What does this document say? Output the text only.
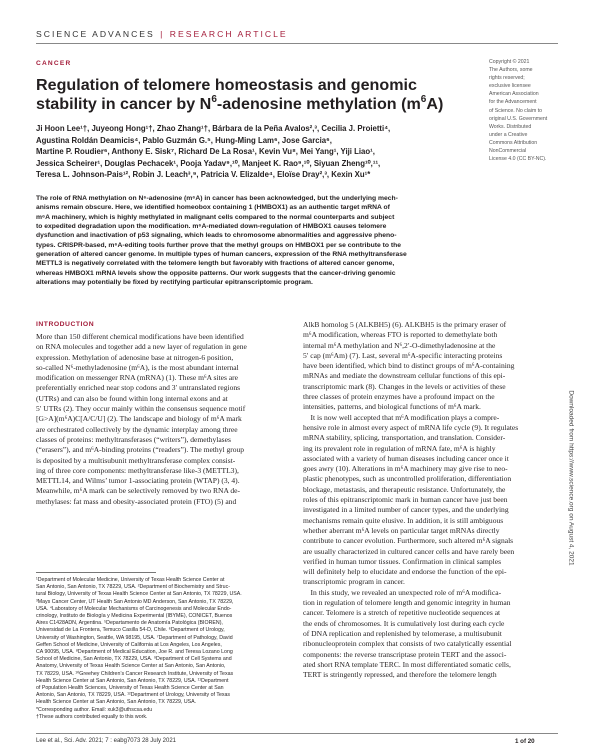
SCIENCE ADVANCES | RESEARCH ARTICLE
CANCER
Regulation of telomere homeostasis and genomic
stability in cancer by $N^6$-adenosine methylation $(m^6A)$
Ji Hoon Lee¹†, Juyeong Hong¹†, Zhao Zhang¹†, Bárbara de la Peña Avalos²,³, Cecilia J. Proietti⁴,
Agustina Roldán Deamicis⁴, Pablo Guzmán G.⁵, Hung-Ming Lam⁶, Jose Garcia⁶,
Martine P. Roudier⁶, Anthony E. Sisk⁷, Richard De La Rosa¹, Kevin Vu⁸, Mei Yang¹, Yiji Liao¹,
Jessica Scheirer¹, Douglas Pechacek¹, Pooja Yadav⁹,¹⁰, Manjeet K. Rao⁹,¹⁰, Siyuan Zheng¹⁰,¹¹,
Teresa L. Johnson-Pais¹², Robin J. Leach³,⁹, Patricia V. Elizalde⁴, Eloïse Dray²,³, Kexin Xu¹*
Copyright © 2021
The Authors, some
rights reserved;
exclusive licensee
American Association
for the Advancement
of Science. No claim to
original U.S. Government
Works. Distributed
under a Creative
Commons Attribution
NonCommercial
License 4.0 (CC BY-NC).
The role of RNA methylation on N⁶-adenosine (m⁶A) in cancer has been acknowledged, but the underlying mech-
anisms remain obscure. Here, we identified homeobox containing 1 (HMBOX1) as an authentic target mRNA of
m⁶A machinery, which is highly methylated in malignant cells compared to the normal counterparts and subject
to expedited degradation upon the modification. m⁶A-mediated down-regulation of HMBOX1 causes telomere
dysfunction and inactivation of p53 signaling, which leads to chromosome abnormalities and aggressive pheno-
types. CRISPR-based, m⁶A-editing tools further prove that the methyl groups on HMBOX1 per se contribute to the
generation of altered cancer genome. In multiple types of human cancers, expression of the RNA methyltransferase
METTL3 is negatively correlated with the telomere length but favorably with fractions of altered cancer genome,
whereas HMBOX1 mRNA levels show the opposite patterns. Our work suggests that the cancer-driving genomic
alterations may potentially be fixed by rectifying particular epitranscriptomic program.
Downloaded from https://www.science.org on August 4, 2021
INTRODUCTION
More than 150 different chemical modifications have been identified
on RNA molecules and together add a new layer of regulation in gene
expression. Methylation of adenosine base at nitrogen-6 position,
so-called N⁶-methyladenosine (m⁶A), is the most abundant internal
modification on messenger RNA (mRNA) (1). These m⁶A sites are
preferentially enriched near stop codons and 3′ untranslated regions
(UTRs) and can also be found within long internal exons and at
5′ UTRs (2). They occur mainly within the consensus sequence motif
[G>A](m⁶A)C[A/C/U] (2). The landscape and biology of m⁶A mark
are orchestrated collectively by the dynamic interplay among three
classes of proteins: methyltransferases (“writers”), demethylases
(“erasers”), and m⁶A-binding proteins (“readers”). The methyl group
is deposited by a multisubunit methyltransferase complex consist-
ing of three core components: methyltransferase like-3 (METTL3),
METTL14, and Wilms’ tumor 1-associating protein (WTAP) (3, 4).
Meanwhile, m⁶A mark can be selectively removed by two RNA de-
methylases: fat mass and obesity-associated protein (FTO) (5) and
AlkB homolog 5 (ALKBH5) (6). ALKBH5 is the primary eraser of
m⁶A modification, whereas FTO is reported to demethylate both
internal m⁶A methylation and N⁶,2′-O-dimethyladenosine at the
5′ cap (m⁶Am) (7). Last, several m⁶A-specific interacting proteins
have been identified, which bind to distinct groups of m⁶A-containing
mRNAs and mediate the downstream cellular functions of this epi-
transcriptomic mark (8). Changes in the levels or activities of these
three classes of protein enzymes have a profound impact on the
intensities, patterns, and biological functions of m⁶A mark.
 It is now well accepted that m⁶A modification plays a compre-
hensive role in almost every aspect of mRNA life cycle (9). It regulates
mRNA stability, splicing, transportation, and translation. Consider-
ing its prevalent role in regulation of mRNA fate, m⁶A is highly
associated with a variety of human diseases including cancer once it
goes awry (10). Alterations in m⁶A machinery may give rise to neo-
plastic phenotypes, such as uncontrolled proliferation, differentiation
blockage, metastasis, and therapeutic resistance. Unfortunately, the
roles of this epitranscriptomic mark in human cancer have just been
investigated in a limited number of cancer types, and the underlying
mechanisms remain quite elusive. In addition, it is still ambiguous
whether aberrant m⁶A levels on particular target mRNAs directly
contribute to cancer evolution. Furthermore, such altered m⁶A signals
are usually characterized in cultured cancer cells and have rarely been
verified in human tumor tissues. Confirmation in clinical samples
will definitely help to elucidate and endorse the function of the epi-
transcriptomic program in cancer.
 In this study, we revealed an unexpected role of m⁶A modifica-
tion in regulation of telomere length and genomic integrity in human
cancer. Telomere is a stretch of repetitive nucleotide sequences at
the ends of chromosomes. It is cumulatively lost during each cycle
of DNA replication and replenished by telomerase, a multisubunit
ribonucleoprotein complex that consists of two catalytically essential
components: the reverse transcriptase protein TERT and the associ-
ated short RNA template TERC. In most differentiated somatic cells,
TERT is stringently repressed, and therefore the telomere length
¹Department of Molecular Medicine, University of Texas Health Science Center at
San Antonio, San Antonio, TX 78229, USA. ²Department of Biochemistry and Struc-
tural Biology, University of Texas Health Science Center at San Antonio, TX 78229, USA.
³Mays Cancer Center, UT Health San Antonio MD Anderson, San Antonio, TX 78229,
USA. ⁴Laboratory of Molecular Mechanisms of Carcinogenesis and Molecular Endo-
crinology, Instituto de Biología y Medicina Experimental (IBYME), CONICET, Buenos
Aires C1428ADN, Argentina. ⁵Departamento de Anatomía Patológica (BIOREN),
Universidad de La Frontera, Temuco Casilla 54-D, Chile. ⁶Department of Urology,
University of Washington, Seattle, WA 98195, USA. ⁷Department of Pathology, David
Geffen School of Medicine, University of California at Los Angeles, Los Angeles,
CA 90095, USA. ⁸Department of Medical Education, Joe R. and Teresa Lozano Long
School of Medicine, San Antonio, TX 78229, USA. ⁹Department of Cell Systems and
Anatomy, University of Texas Health Science Center at San Antonio, San Antonio,
TX 78229, USA. ¹⁰Greehey Children’s Cancer Research Institute, University of Texas
Health Science Center at San Antonio, San Antonio, TX 78229, USA. ¹¹Department
of Population Health Sciences, University of Texas Health Science Center at San
Antonio, San Antonio, TX 78229, USA. ¹²Department of Urology, University of Texas
Health Science Center at San Antonio, San Antonio, TX 78229, USA.
*Corresponding author. Email: xuk3@uthscsa.edu
†These authors contributed equally to this work.
Lee et al., Sci. Adv. 2021; 7 : eabg7073 28 July 2021	1 of 20
